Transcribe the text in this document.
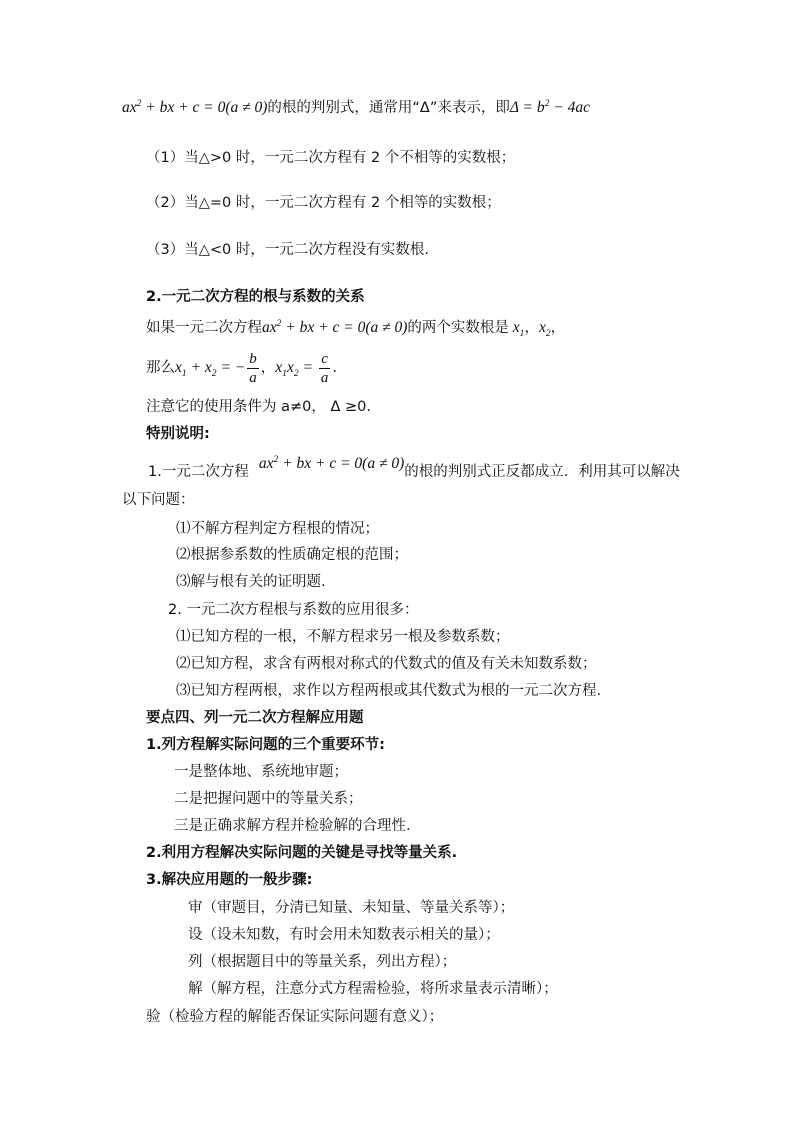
$ax^2$ + bx + c = 0(a ≠ 0)的根的判别式，通常用“Δ”来表示，即$\Delta = b^2 - 4ac$
（1）当△>0 时，一元二次方程有 2 个不相等的实数根；
（2）当△=0 时，一元二次方程有 2 个相等的实数根；
（3）当△<0 时，一元二次方程没有实数根.
2.一元二次方程的根与系数的关系
如果一元二次方程$ax^2$ + bx + c = 0(a ≠ 0)的两个实数根是 $x_1$，$x_2$，
那么$x_1 + x_2$ = − $\frac{b}{a}$ ，$x_1x_2 = \frac{c}{a}$ .
注意它的使用条件为 a≠0， Δ ≥0.
特别说明:
1.一元二次方程 $ax^2$ + bx + c = 0(a ≠ 0)的根的判别式正反都成立．利用其可以解决
以下问题：
⑴不解方程判定方程根的情况；
⑵根据参系数的性质确定根的范围；
⑶解与根有关的证明题.
2. 一元二次方程根与系数的应用很多：
⑴已知方程的一根，不解方程求另一根及参数系数；
⑵已知方程，求含有两根对称式的代数式的值及有关未知数系数；
⑶已知方程两根，求作以方程两根或其代数式为根的一元二次方程.
要点四、列一元二次方程解应用题
1.列方程解实际问题的三个重要环节:
一是整体地、系统地审题；
二是把握问题中的等量关系；
三是正确求解方程并检验解的合理性.
2.利用方程解决实际问题的关键是寻找等量关系.
3.解决应用题的一般步骤:
审（审题目，分清已知量、未知量、等量关系等）；
设（设未知数，有时会用未知数表示相关的量）；
列（根据题目中的等量关系，列出方程）；
解（解方程，注意分式方程需检验，将所求量表示清晰）；
验（检验方程的解能否保证实际问题有意义）；
